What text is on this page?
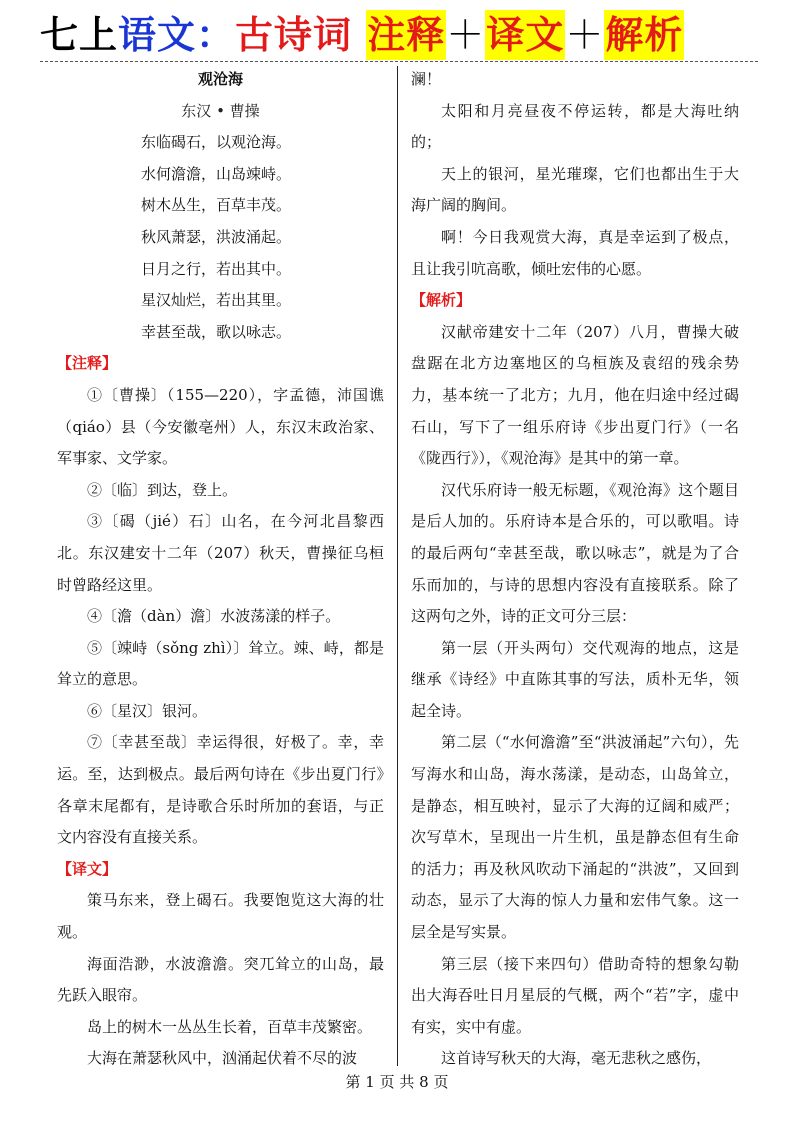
七上语文：古诗词 注释＋译文＋解析
观沧海
东汉 • 曹操
东临碣石，以观沧海。
水何澹澹，山岛竦峙。
树木丛生，百草丰茂。
秋风萧瑟，洪波涌起。
日月之行，若出其中。
星汉灿烂，若出其里。
幸甚至哉，歌以咏志。
【注释】

①〔曹操〕（155—220），字孟德，沛国谯（qiáo）县（今安徽亳州）人，东汉末政治家、军事家、文学家。

②〔临〕到达，登上。

③〔碣（jié）石〕山名，在今河北昌黎西北。东汉建安十二年（207）秋天，曹操征乌桓时曾路经这里。

④〔澹（dàn）澹〕水波荡漾的样子。

⑤〔竦峙（sǒng zhì）〕耸立。竦、峙，都是耸立的意思。

⑥〔星汉〕银河。

⑦〔幸甚至哉〕幸运得很，好极了。幸，幸运。至，达到极点。最后两句诗在《步出夏门行》各章末尾都有，是诗歌合乐时所加的套语，与正文内容没有直接关系。

【译文】

策马东来，登上碣石。我要饱览这大海的壮观。

海面浩渺，水波澹澹。突兀耸立的山岛，最先跃入眼帘。

岛上的树木一丛丛生长着，百草丰茂繁密。

大海在萧瑟秋风中，汹涌起伏着不尽的波

澜！

太阳和月亮昼夜不停运转，都是大海吐纳的；

天上的银河，星光璀璨，它们也都出生于大海广阔的胸间。

啊！今日我观赏大海，真是幸运到了极点，且让我引吭高歌，倾吐宏伟的心愿。

【解析】

汉献帝建安十二年（207）八月，曹操大破盘踞在北方边塞地区的乌桓族及袁绍的残余势力，基本统一了北方；九月，他在归途中经过碣石山，写下了一组乐府诗《步出夏门行》（一名《陇西行》），《观沧海》是其中的第一章。

汉代乐府诗一般无标题，《观沧海》这个题目是后人加的。乐府诗本是合乐的，可以歌唱。诗的最后两句“幸甚至哉，歌以咏志”，就是为了合乐而加的，与诗的思想内容没有直接联系。除了这两句之外，诗的正文可分三层：

第一层（开头两句）交代观海的地点，这是继承《诗经》中直陈其事的写法，质朴无华，领起全诗。

第二层（“水何澹澹”至“洪波涌起”六句），先写海水和山岛，海水荡漾，是动态，山岛耸立，是静态，相互映衬，显示了大海的辽阔和威严；次写草木，呈现出一片生机，虽是静态但有生命的活力；再及秋风吹动下涌起的“洪波”，又回到动态，显示了大海的惊人力量和宏伟气象。这一层全是写实景。

第三层（接下来四句）借助奇特的想象勾勒出大海吞吐日月星辰的气概，两个“若”字，虚中有实，实中有虚。

这首诗写秋天的大海，毫无悲秋之感伤，

第 1 页 共 8 页
